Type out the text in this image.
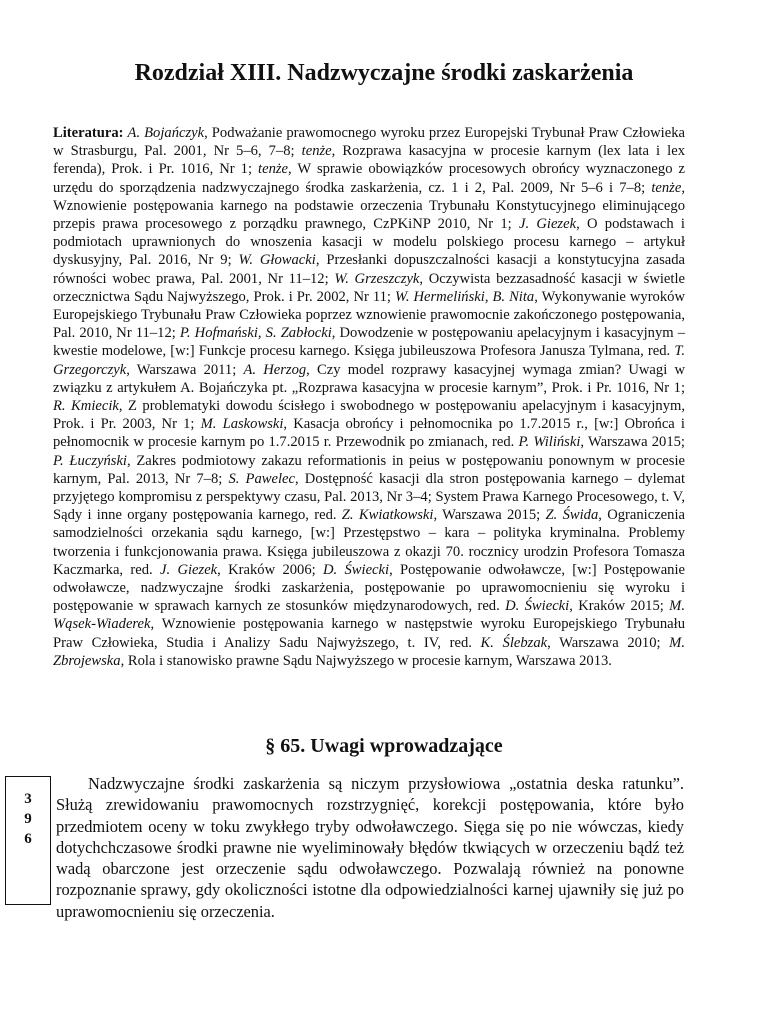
Rozdział XIII. Nadzwyczajne środki zaskarżenia

Literatura: A. Bojańczyk, Podważanie prawomocnego wyroku przez Europejski Trybunał Praw Człowieka w Strasburgu, Pal. 2001, Nr 5–6, 7–8; tenże, Rozprawa kasacyjna w procesie karnym (lex lata i lex ferenda), Prok. i Pr. 1016, Nr 1; tenże, W sprawie obowiązków procesowych obrońcy wyznaczonego z urzędu do sporządzenia nadzwyczajnego środka zaskarżenia, cz. 1 i 2, Pal. 2009, Nr 5–6 i 7–8; tenże, Wznowienie postępowania karnego na podstawie orzeczenia Trybunału Konstytucyjnego eliminującego przepis prawa procesowego z porządku prawnego, CzPKiNP 2010, Nr 1; J. Giezek, O podstawach i podmiotach uprawnionych do wnoszenia kasacji w modelu polskiego procesu karnego – artykuł dyskusyjny, Pal. 2016, Nr 9; W. Głowacki, Przesłanki dopuszczalności kasacji a konstytucyjna zasada równości wobec prawa, Pal. 2001, Nr 11–12; W. Grzeszczyk, Oczywista bezzasadność kasacji w świetle orzecznictwa Sądu Najwyższego, Prok. i Pr. 2002, Nr 11; W. Hermeliński, B. Nita, Wykonywanie wyroków Europejskiego Trybunału Praw Człowieka poprzez wznowienie prawomocnie zakończonego postępowania, Pal. 2010, Nr 11–12; P. Hofmański, S. Zabłocki, Dowodzenie w postępowaniu apelacyjnym i kasacyjnym – kwestie modelowe, [w:] Funkcje procesu karnego. Księga jubileuszowa Profesora Janusza Tylmana, red. T. Grzegorczyk, Warszawa 2011; A. Herzog, Czy model rozprawy kasacyjnej wymaga zmian? Uwagi w związku z artykułem A. Bojańczyka pt. „Rozprawa kasacyjna w procesie karnym”, Prok. i Pr. 1016, Nr 1; R. Kmiecik, Z problematyki dowodu ścisłego i swobodnego w postępowaniu apelacyjnym i kasacyjnym, Prok. i Pr. 2003, Nr 1; M. Laskowski, Kasacja obrońcy i pełnomocnika po 1.7.2015 r., [w:] Obrońca i pełnomocnik w procesie karnym po 1.7.2015 r. Przewodnik po zmianach, red. P. Wiliński, Warszawa 2015; P. Łuczyński, Zakres podmiotowy zakazu reformationis in peius w postępowaniu ponownym w procesie karnym, Pal. 2013, Nr 7–8; S. Pawelec, Dostępność kasacji dla stron postępowania karnego – dylemat przyjętego kompromisu z perspektywy czasu, Pal. 2013, Nr 3–4; System Prawa Karnego Procesowego, t. V, Sądy i inne organy postępowania karnego, red. Z. Kwiatkowski, Warszawa 2015; Z. Świda, Ograniczenia samodzielności orzekania sądu karnego, [w:] Przestępstwo – kara – polityka kryminalna. Problemy tworzenia i funkcjonowania prawa. Księga jubileuszowa z okazji 70. rocznicy urodzin Profesora Tomasza Kaczmarka, red. J. Giezek, Kraków 2006; D. Świecki, Postępowanie odwoławcze, [w:] Postępowanie odwoławcze, nadzwyczajne środki zaskarżenia, postępowanie po uprawomocnieniu się wyroku i postępowanie w sprawach karnych ze stosunków międzynarodowych, red. D. Świecki, Kraków 2015; M. Wąsek-Wiaderek, Wznowienie postępowania karnego w następstwie wyroku Europejskiego Trybunału Praw Człowieka, Studia i Analizy Sadu Najwyższego, t. IV, red. K. Ślebzak, Warszawa 2010; M. Zbrojewska, Rola i stanowisko prawne Sądu Najwyższego w procesie karnym, Warszawa 2013.

§ 65. Uwagi wprowadzające
3
9
6

Nadzwyczajne środki zaskarżenia są niczym przysłowiowa „ostatnia deska ratunku”. Służą zrewidowaniu prawomocnych rozstrzygnięć, korekcji postępowania, które było przedmiotem oceny w toku zwykłego tryby odwoławczego. Sięga się po nie wówczas, kiedy dotychchczasowe środki prawne nie wyeliminowały błędów tkwiących w orzeczeniu bądź też wadą obarczone jest orzeczenie sądu odwoławczego. Pozwalają również na ponowne rozpoznanie sprawy, gdy okoliczności istotne dla odpowiedzialności karnej ujawniły się już po uprawomocnieniu się orzeczenia.
